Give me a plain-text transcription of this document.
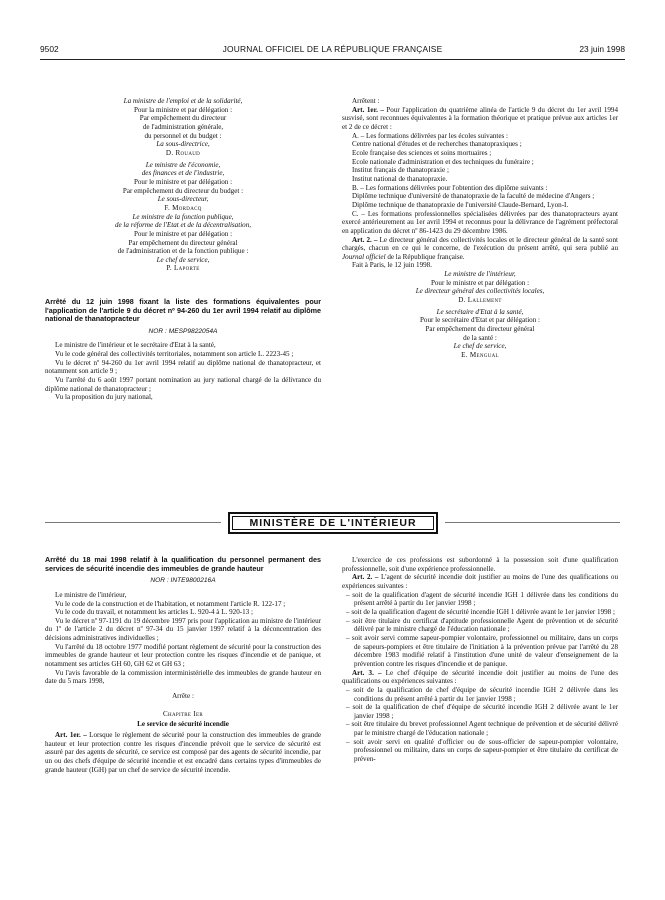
9502	JOURNAL OFFICIEL DE LA RÉPUBLIQUE FRANÇAISE	23 juin 1998

La ministre de l'emploi et de la solidarité,

Pour la ministre et par délégation :

Par empêchement du directeur

de l'administration générale,

du personnel et du budget :

La sous-directrice,

D. Rouaud

Le ministre de l'économie,

des finances et de l'industrie,

Pour le ministre et par délégation :

Par empêchement du directeur du budget :

Le sous-directeur,

F. Mordacq

Le ministre de la fonction publique,

de la réforme de l'Etat et de la décentralisation,

Pour le ministre et par délégation :

Par empêchement du directeur général

de l'administration et de la fonction publique :

Le chef de service,

P. Laporte

Arrêté du 12 juin 1998 fixant la liste des formations équivalentes pour l'application de l'article 9 du décret nº 94-260 du 1er avril 1994 relatif au diplôme national de thanatopracteur

NOR : MESP9822054A

Le ministre de l'intérieur et le secrétaire d'Etat à la santé,

Vu le code général des collectivités territoriales, notamment son article L. 2223-45 ;

Vu le décret nº 94-260 du 1er avril 1994 relatif au diplôme national de thanatopracteur, et notamment son article 9 ;

Vu l'arrêté du 6 août 1997 portant nomination au jury national chargé de la délivrance du diplôme national de thanatopracteur ;

Vu la proposition du jury national,

Arrêtent :

Art. 1er. – Pour l'application du quatrième alinéa de l'article 9 du décret du 1er avril 1994 susvisé, sont reconnues équivalentes à la formation théorique et pratique prévue aux articles 1er et 2 de ce décret :

A. – Les formations délivrées par les écoles suivantes :

Centre national d'études et de recherches thanatopraxiques ;

Ecole française des sciences et soins mortuaires ;

Ecole nationale d'administration et des techniques du funéraire ;

Institut français de thanatopraxie ;

Institut national de thanatopraxie.

B. – Les formations délivrées pour l'obtention des diplôme suivants :

Diplôme technique d'université de thanatopraxie de la faculté de médecine d'Angers ;

Diplôme technique de thanatopraxie de l'université Claude-Bernard, Lyon-I.

C. – Les formations professionnelles spécialisées délivrées par des thanatopracteurs ayant exercé antérieurement au 1er avril 1994 et reconnus pour la délivrance de l'agrément préfectoral en application du décret nº 86-1423 du 29 décembre 1986.

Art. 2. – Le directeur général des collectivités locales et le directeur général de la santé sont chargés, chacun en ce qui le concerne, de l'exécution du présent arrêté, qui sera publié au Journal officiel de la République française.

Fait à Paris, le 12 juin 1998.

Le ministre de l'intérieur,

Pour le ministre et par délégation :

Le directeur général des collectivités locales,

D. Lallement

Le secrétaire d'Etat à la santé,

Pour le secrétaire d'Etat et par délégation :

Par empêchement du directeur général

de la santé :

Le chef de service,

E. Mengual

MINISTÈRE DE L'INTÉRIEUR

Arrêté du 18 mai 1998 relatif à la qualification du personnel permanent des services de sécurité incendie des immeubles de grande hauteur

NOR : INTE9800216A

Le ministre de l'intérieur,

Vu le code de la construction et de l'habitation, et notamment l'article R. 122-17 ;

Vu le code du travail, et notamment les articles L. 920-4 à L. 920-13 ;

Vu le décret nº 97-1191 du 19 décembre 1997 pris pour l'application au ministre de l'intérieur du 1º de l'article 2 du décret nº 97-34 du 15 janvier 1997 relatif à la déconcentration des décisions administratives individuelles ;

Vu l'arrêté du 18 octobre 1977 modifié portant règlement de sécurité pour la construction des immeubles de grande hauteur et leur protection contre les risques d'incendie et de panique, et notamment ses articles GH 60, GH 62 et GH 63 ;

Vu l'avis favorable de la commission interministérielle des immeubles de grande hauteur en date du 5 mars 1998,

Arrête :

Chapitre Ier

Le service de sécurité incendie

Art. 1er. – Lorsque le règlement de sécurité pour la construction des immeubles de grande hauteur et leur protection contre les risques d'incendie prévoit que le service de sécurité est assuré par des agents de sécurité, ce service est composé par des agents de sécurité incendie, par un ou des chefs d'équipe de sécurité incendie et est encadré dans certains types d'immeubles de grande hauteur (IGH) par un chef de service de sécurité incendie.

L'exercice de ces professions est subordonné à la possession soit d'une qualification professionnelle, soit d'une expérience professionnelle.

Art. 2. – L'agent de sécurité incendie doit justifier au moins de l'une des qualifications ou expériences suivantes :

– soit de la qualification d'agent de sécurité incendie IGH 1 délivrée dans les conditions du présent arrêté à partir du 1er janvier 1998 ;

– soit de la qualification d'agent de sécurité incendie IGH 1 délivrée avant le 1er janvier 1998 ;

– soit être titulaire du certificat d'aptitude professionnelle Agent de prévention et de sécurité délivré par le ministre chargé de l'éducation nationale ;

– soit avoir servi comme sapeur-pompier volontaire, professionnel ou militaire, dans un corps de sapeurs-pompiers et être titulaire de l'initiation à la prévention prévue par l'arrêté du 28 décembre 1983 modifié relatif à l'institution d'une unité de valeur d'enseignement de la prévention contre les risques d'incendie et de panique.

Art. 3. – Le chef d'équipe de sécurité incendie doit justifier au moins de l'une des qualifications ou expériences suivantes :

– soit de la qualification de chef d'équipe de sécurité incendie IGH 2 délivrée dans les conditions du présent arrêté à partir du 1er janvier 1998 ;

– soit de la qualification de chef d'équipe de sécurité incendie IGH 2 délivrée avant le 1er janvier 1998 ;

– soit être titulaire du brevet professionnel Agent technique de prévention et de sécurité délivré par le ministre chargé de l'éducation nationale ;

– soit avoir servi en qualité d'officier ou de sous-officier de sapeur-pompier volontaire, professionnel ou militaire, dans un corps de sapeur-pompier et être titulaire du certificat de préven-
